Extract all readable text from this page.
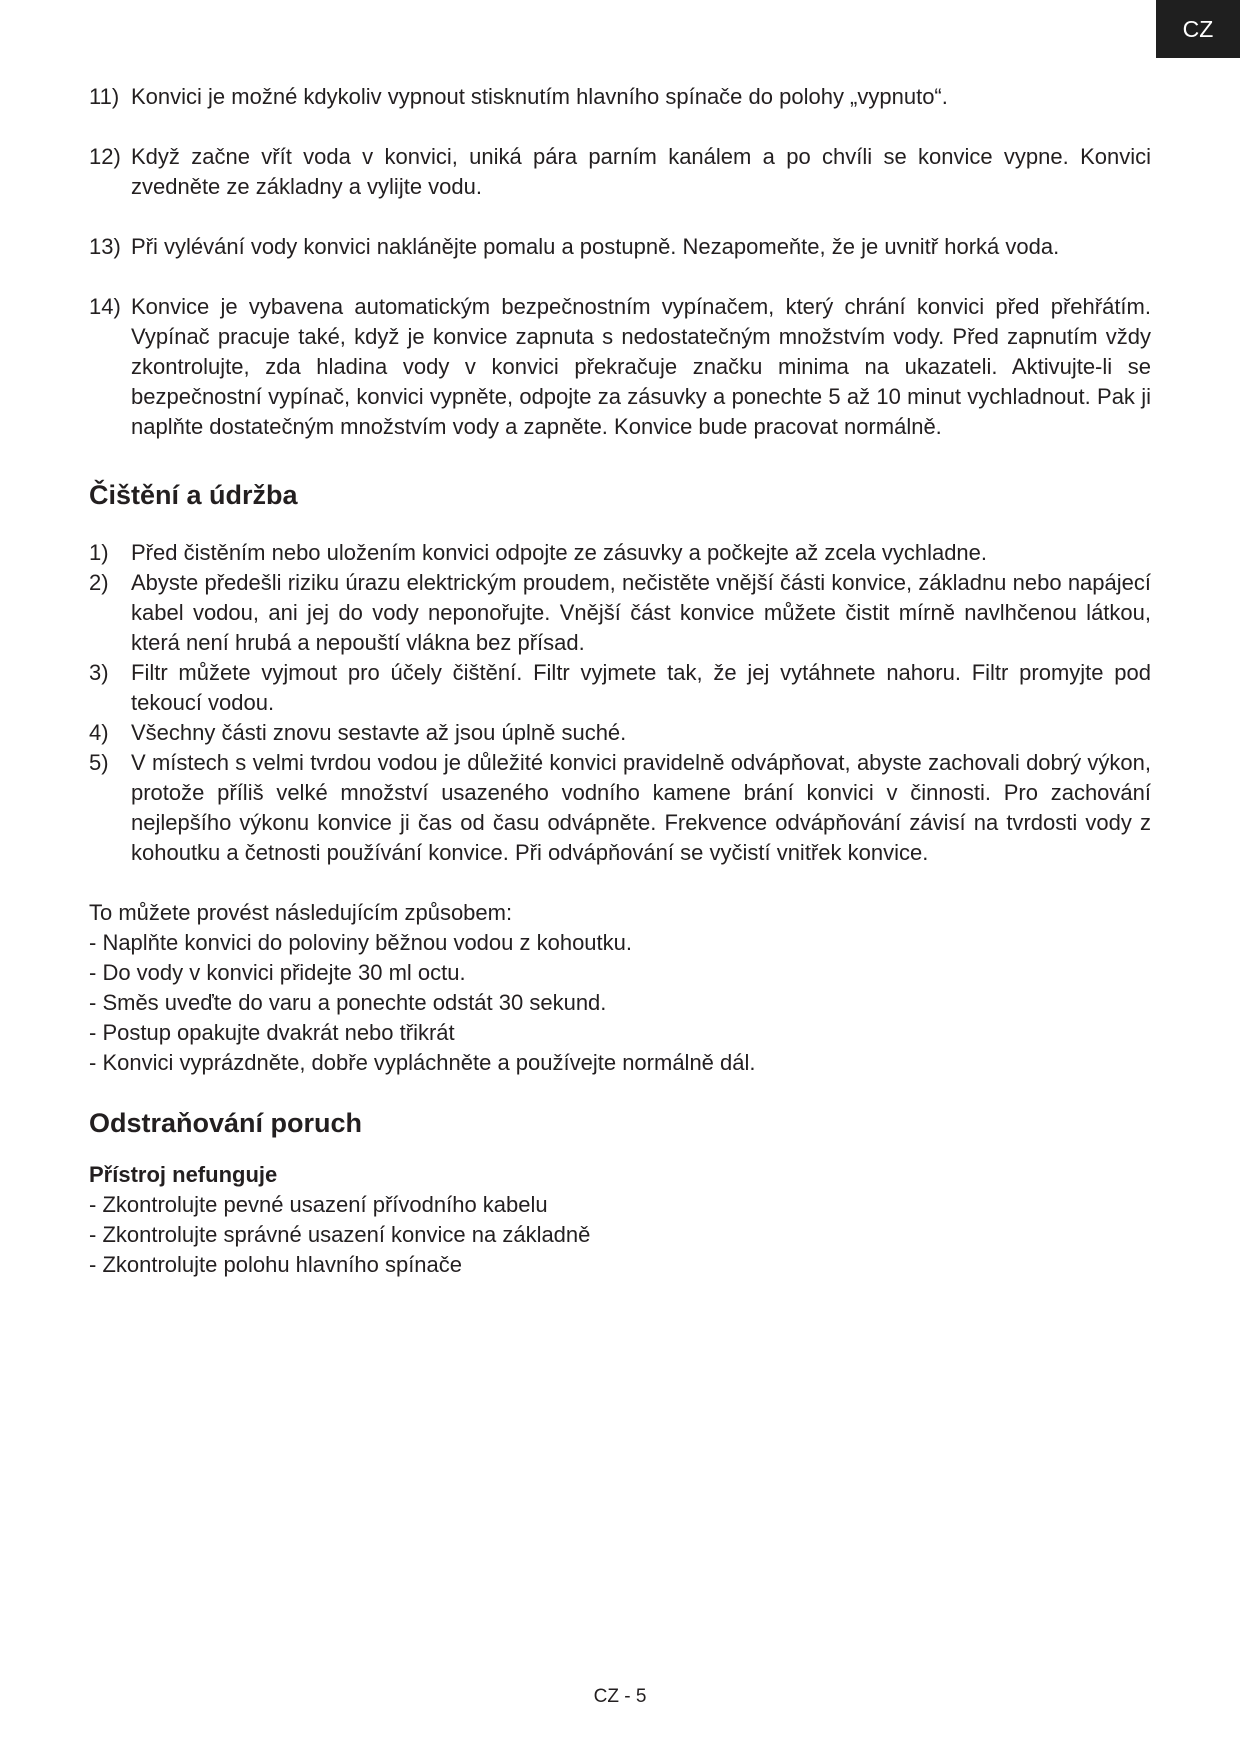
CZ
11) Konvici je možné kdykoliv vypnout stisknutím hlavního spínače do polohy „vypnuto“.
12) Když začne vřít voda v konvici, uniká pára parním kanálem a po chvíli se konvice vypne. Konvici zvedněte ze základny a vylijte vodu.
13) Při vylévání vody konvici naklánějte pomalu a postupně. Nezapomeňte, že je uvnitř horká voda.
14) Konvice je vybavena automatickým bezpečnostním vypínačem, který chrání konvici před přehřátím. Vypínač pracuje také, když je konvice zapnuta s nedostatečným množstvím vody. Před zapnutím vždy zkontrolujte, zda hladina vody v konvici překračuje značku minima na ukazateli. Aktivujte-li se bezpečnostní vypínač, konvici vypněte, odpojte za zásuvky a ponechte 5 až 10 minut vychladnout. Pak ji naplňte dostatečným množstvím vody a zapněte. Konvice bude pracovat normálně.
Čištění a údržba
1)	Před čistěním nebo uložením konvici odpojte ze zásuvky a počkejte až zcela vychladne.
2)	Abyste předešli riziku úrazu elektrickým proudem, nečistěte vnější části konvice, základnu nebo napájecí kabel vodou, ani jej do vody neponořujte. Vnější část konvice můžete čistit mírně navlhčenou látkou, která není hrubá a nepouští vlákna bez přísad.
3)	Filtr můžete vyjmout pro účely čištění. Filtr vyjmete tak, že jej vytáhnete nahoru. Filtr promyjte pod tekoucí vodou.
4)	Všechny části znovu sestavte až jsou úplně suché.
5)	V místech s velmi tvrdou vodou je důležité konvici pravidelně odvápňovat, abyste zachovali dobrý výkon, protože příliš velké množství usazeného vodního kamene brání konvici v činnosti. Pro zachování nejlepšího výkonu konvice ji čas od času odvápněte. Frekvence odvápňování závisí na tvrdosti vody z kohoutku a četnosti používání konvice. Při odvápňování se vyčistí vnitřek konvice.
To můžete provést následujícím způsobem:
- Naplňte konvici do poloviny běžnou vodou z kohoutku.
- Do vody v konvici přidejte 30 ml octu.
- Směs uveďte do varu a ponechte odstát 30 sekund.
- Postup opakujte dvakrát nebo třikrát
- Konvici vyprázdněte, dobře vypláchněte a používejte normálně dál.
Odstraňování poruch
Přístroj nefunguje
- Zkontrolujte pevné usazení přívodního kabelu
- Zkontrolujte správné usazení konvice na základně
- Zkontrolujte polohu hlavního spínače
CZ - 5
